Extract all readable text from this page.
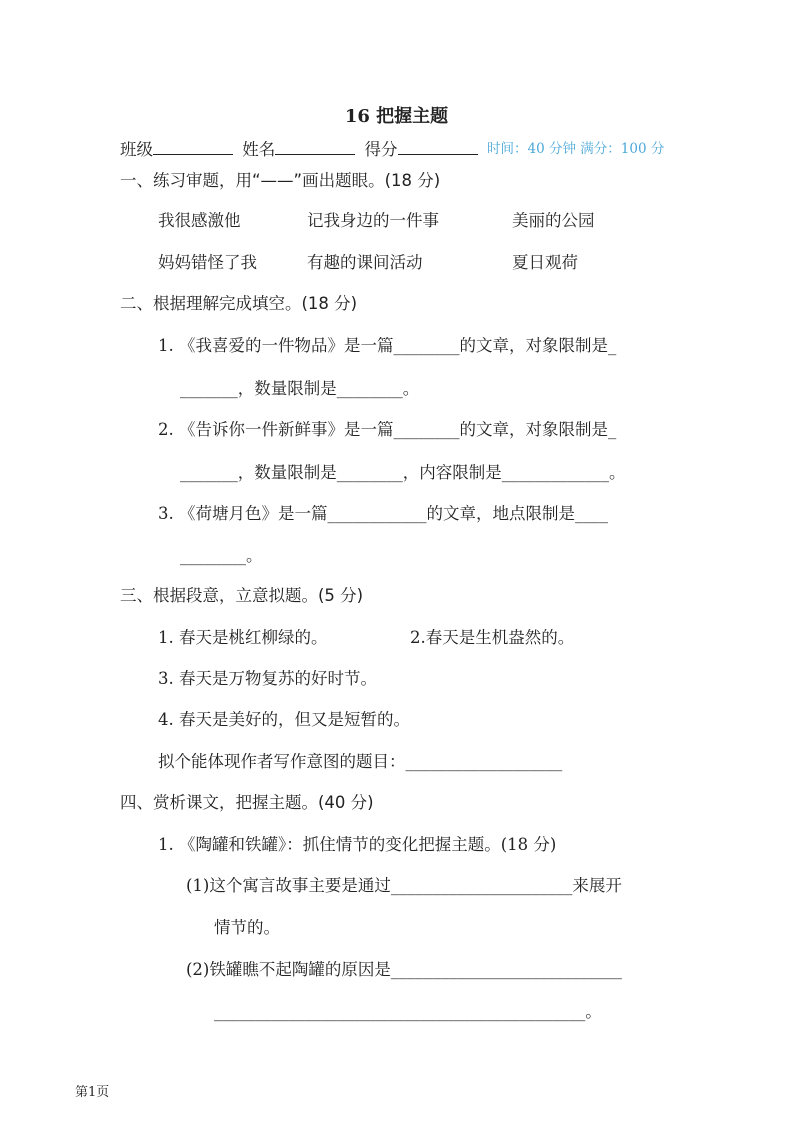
16 把握主题
班级	姓名	得分	时间：40 分钟 满分：100 分
一、练习审题，用“——”画出题眼。(18 分)
我很感激他	记我身边的一件事	美丽的公园
妈妈错怪了我	有趣的课间活动	夏日观荷
二、根据理解完成填空。(18 分)
1. 《我喜爱的一件物品》是一篇________的文章，对象限制是_
_______，数量限制是________。
2. 《告诉你一件新鲜事》是一篇________的文章，对象限制是_
_______，数量限制是________，内容限制是_____________。
3. 《荷塘月色》是一篇____________的文章，地点限制是____
________。
三、根据段意，立意拟题。(5 分)
1. 春天是桃红柳绿的。	2.春天是生机盎然的。
3. 春天是万物复苏的好时节。
4. 春天是美好的，但又是短暂的。
拟个能体现作者写作意图的题目：___________________
四、赏析课文，把握主题。(40 分)
1. 《陶罐和铁罐》：抓住情节的变化把握主题。(18 分)
(1)这个寓言故事主要是通过______________________来展开
情节的。
(2)铁罐瞧不起陶罐的原因是____________________________
_____________________________________________。
第1页
